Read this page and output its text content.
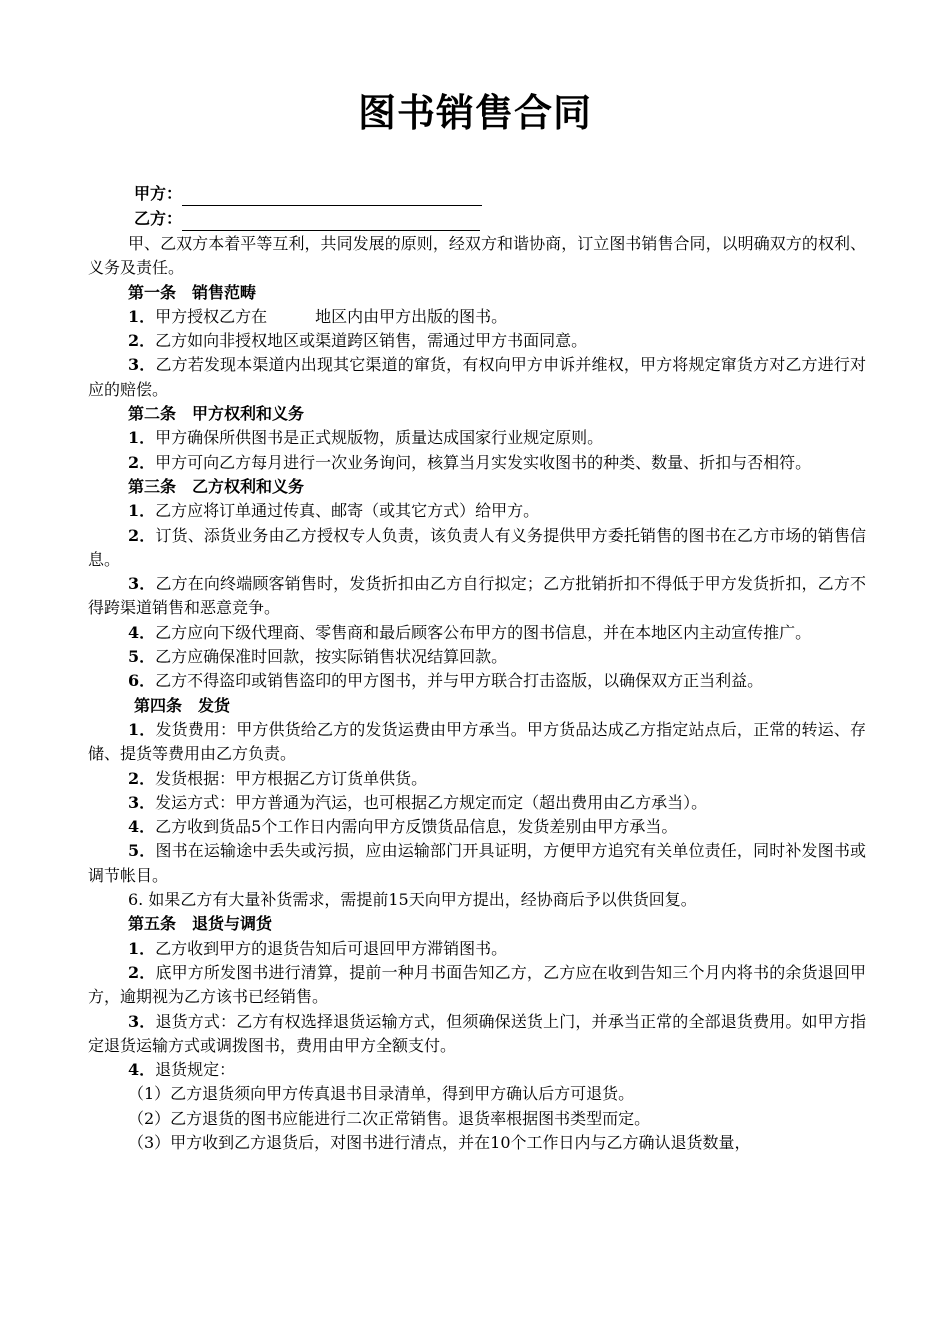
图书销售合同
甲方：
乙方：

甲、乙双方本着平等互利，共同发展的原则，经双方和谐协商，订立图书销售合同，以明确双方的权利、义务及责任。

第一条　 销售范畴

1．甲方授权乙方在	地区内由甲方出版的图书。

2．乙方如向非授权地区或渠道跨区销售，需通过甲方书面同意。

3．乙方若发现本渠道内出现其它渠道的窜货，有权向甲方申诉并维权，甲方将规定窜货方对乙方进行对应的赔偿。

第二条　 甲方权利和义务

1．甲方确保所供图书是正式规版物，质量达成国家行业规定原则。

2．甲方可向乙方每月进行一次业务询问，核算当月实发实收图书的种类、数量、折扣与否相符。

第三条　 乙方权利和义务

1．乙方应将订单通过传真、邮寄（或其它方式）给甲方。

2．订货、添货业务由乙方授权专人负责，该负责人有义务提供甲方委托销售的图书在乙方市场的销售信息。

3．乙方在向终端顾客销售时，发货折扣由乙方自行拟定；乙方批销折扣不得低于甲方发货折扣，乙方不得跨渠道销售和恶意竞争。

4．乙方应向下级代理商、零售商和最后顾客公布甲方的图书信息，并在本地区内主动宣传推广。

5．乙方应确保准时回款，按实际销售状况结算回款。

6．乙方不得盗印或销售盗印的甲方图书，并与甲方联合打击盗版，以确保双方正当利益。

第四条　 发货

1．发货费用：甲方供货给乙方的发货运费由甲方承当。甲方货品达成乙方指定站点后，正常的转运、存储、提货等费用由乙方负责。

2．发货根据：甲方根据乙方订货单供货。

3．发运方式：甲方普通为汽运，也可根据乙方规定而定（超出费用由乙方承当）。

4．乙方收到货品5个工作日内需向甲方反馈货品信息，发货差别由甲方承当。

5．图书在运输途中丢失或污损，应由运输部门开具证明，方便甲方追究有关单位责任，同时补发图书或调节帐目。

6. 如果乙方有大量补货需求，需提前15天向甲方提出，经协商后予以供货回复。

第五条　 退货与调货

1．乙方收到甲方的退货告知后可退回甲方滞销图书。

2．底甲方所发图书进行清算，提前一种月书面告知乙方，乙方应在收到告知三个月内将书的余货退回甲方，逾期视为乙方该书已经销售。

3．退货方式：乙方有权选择退货运输方式，但须确保送货上门，并承当正常的全部退货费用。如甲方指定退货运输方式或调拨图书，费用由甲方全额支付。

4．退货规定：

（1）乙方退货须向甲方传真退书目录清单，得到甲方确认后方可退货。

（2）乙方退货的图书应能进行二次正常销售。退货率根据图书类型而定。

（3）甲方收到乙方退货后，对图书进行清点，并在10个工作日内与乙方确认退货数量，
